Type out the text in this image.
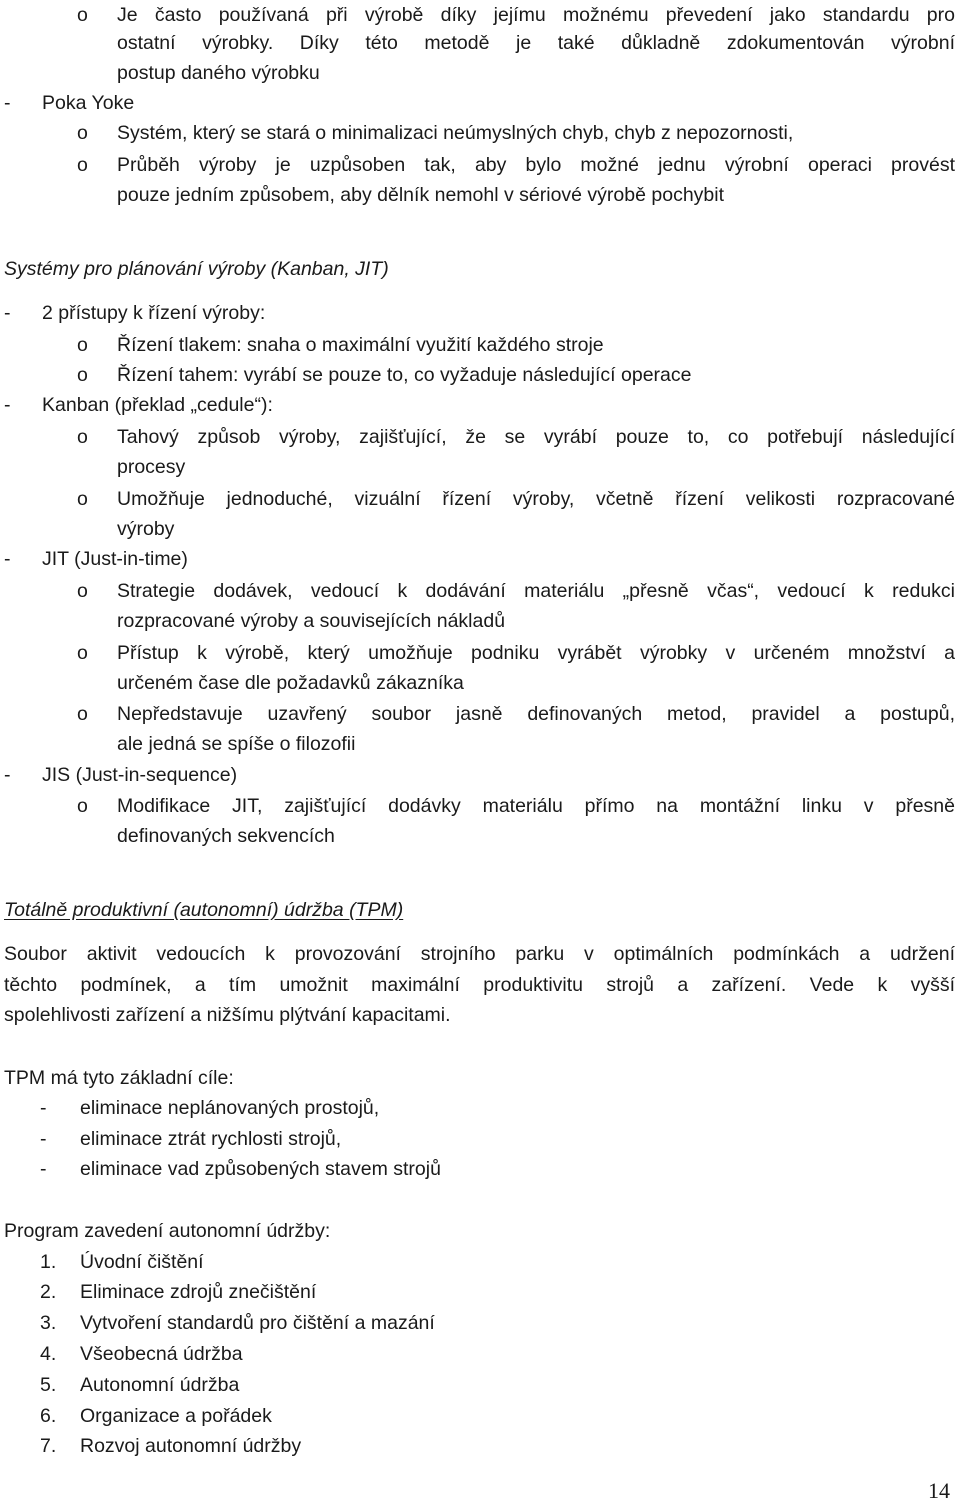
o Je často používaná při výrobě díky jejímu možnému převedení jako standardu pro
ostatní výrobky. Díky této metodě je také důkladně zdokumentován výrobní
postup daného výrobku
- Poka Yoke
o Systém, který se stará o minimalizaci neúmyslných chyb, chyb z nepozornosti,
o Průběh výroby je uzpůsoben tak, aby bylo možné jednu výrobní operaci provést
pouze jedním způsobem, aby dělník nemohl v sériové výrobě pochybit
Systémy pro plánování výroby (Kanban, JIT)
- 2 přístupy k řízení výroby:
o Řízení tlakem: snaha o maximální využití každého stroje
o Řízení tahem: vyrábí se pouze to, co vyžaduje následující operace
- Kanban (překlad „cedule“):
o Tahový způsob výroby, zajišťující, že se vyrábí pouze to, co potřebují následující
procesy
o Umožňuje jednoduché, vizuální řízení výroby, včetně řízení velikosti rozpracované
výroby
- JIT (Just-in-time)
o Strategie dodávek, vedoucí k dodávání materiálu „přesně včas“, vedoucí k redukci
rozpracované výroby a souvisejících nákladů
o Přístup k výrobě, který umožňuje podniku vyrábět výrobky v určeném množství a
určeném čase dle požadavků zákazníka
o Nepředstavuje uzavřený soubor jasně definovaných metod, pravidel a postupů,
ale jedná se spíše o filozofii
- JIS (Just-in-sequence)
o Modifikace JIT, zajišťující dodávky materiálu přímo na montážní linku v přesně
definovaných sekvencích
Totálně produktivní (autonomní) údržba (TPM)
Soubor aktivit vedoucích k provozování strojního parku v optimálních podmínkách a udržení
těchto podmínek, a tím umožnit maximální produktivitu strojů a zařízení. Vede k vyšší
spolehlivosti zařízení a nižšímu plýtvání kapacitami.
TPM má tyto základní cíle:
- eliminace neplánovaných prostojů,
- eliminace ztrát rychlosti strojů,
- eliminace vad způsobených stavem strojů
Program zavedení autonomní údržby:
1. Úvodní čištění
2. Eliminace zdrojů znečištění
3. Vytvoření standardů pro čištění a mazání
4. Všeobecná údržba
5. Autonomní údržba
6. Organizace a pořádek
7. Rozvoj autonomní údržby
14
